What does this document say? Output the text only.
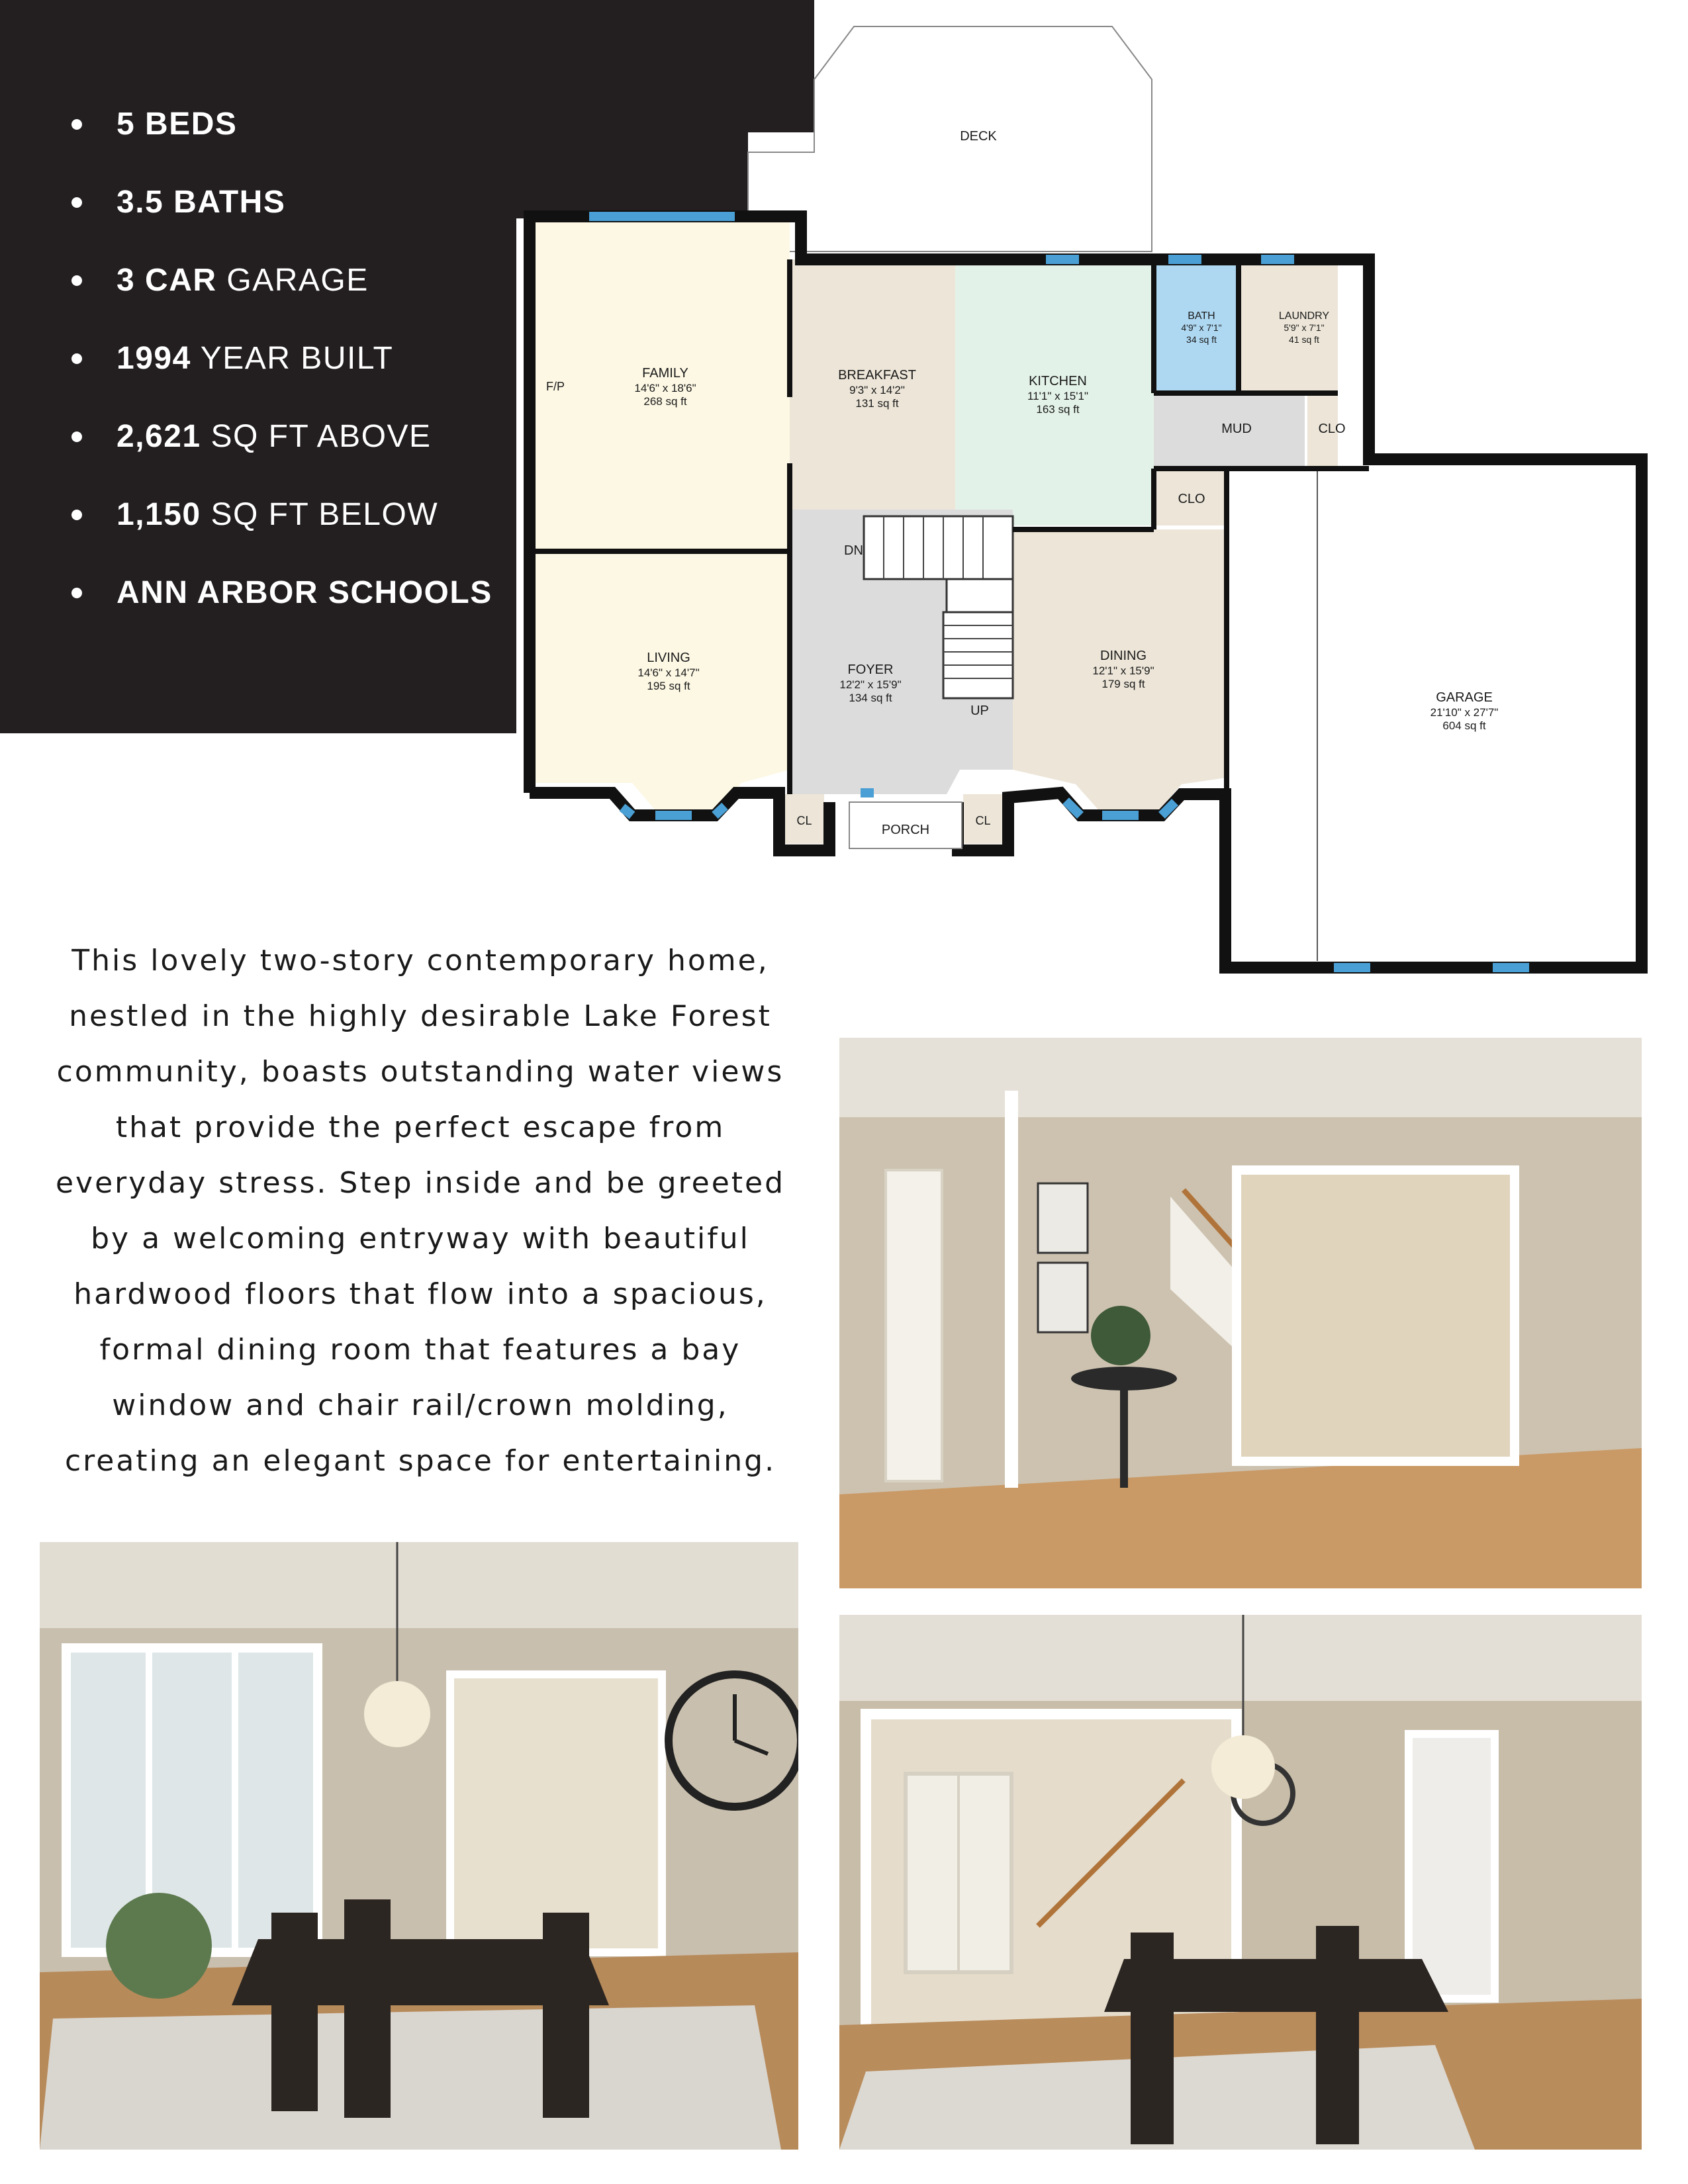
5 BEDS
3.5 BATHS
3 CAR GARAGE
1994 YEAR BUILT
2,621 SQ FT ABOVE
1,150 SQ FT BELOW
ANN ARBOR SCHOOLS
DECK
FAMILY
14'6" x 18'6"
268 sq ft
F/P
BREAKFAST
9'3" x 14'2"
131 sq ft
KITCHEN
11'1" x 15'1"
163 sq ft
BATH
4'9" x 7'1"
34 sq ft
LAUNDRY
5'9" x 7'1"
41 sq ft
MUD	CLO
CLO
LIVING
14'6" x 14'7"
195 sq ft
FOYER
12'2" x 15'9"
134 sq ft
DINING
12'1" x 15'9"
179 sq ft
GARAGE
21'10" x 27'7"
604 sq ft
DN
UP
CL	CL
PORCH

This lovely two-story contemporary home, nestled in the highly desirable Lake Forest community, boasts outstanding water views that provide the perfect escape from everyday stress. Step inside and be greeted by a welcoming entryway with beautiful hardwood floors that flow into a spacious, formal dining room that features a bay window and chair rail/crown molding, creating an elegant space for entertaining.
